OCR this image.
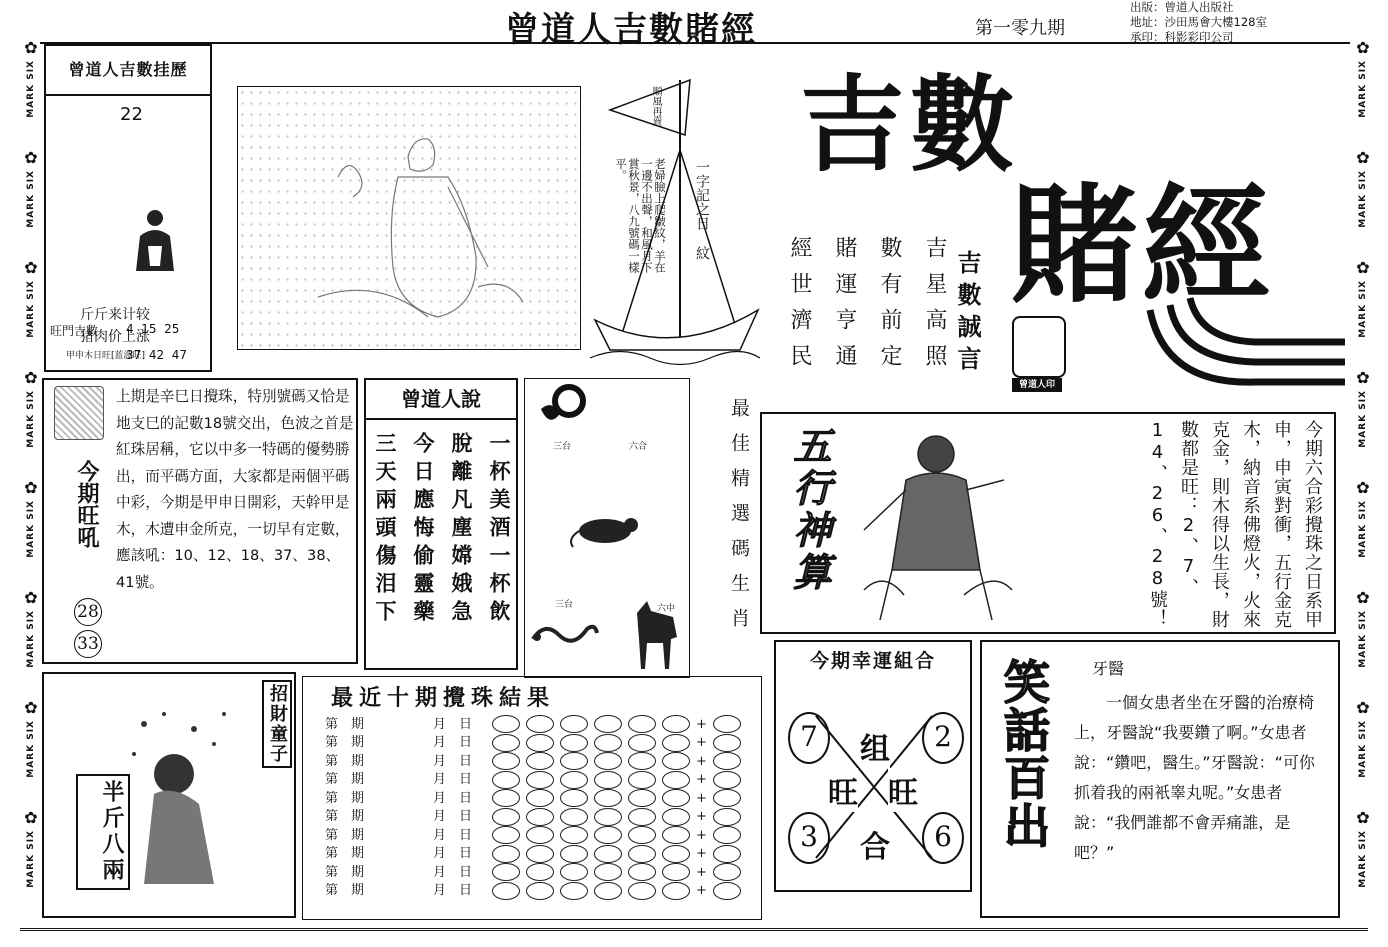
曾道人吉數賭經	第一零九期
出版：曾道人出版社
地址：沙田馬會大樓128室
承印：科影彩印公司
✿
MARK SIX
✿
MARK SIX
✿
MARK SIX
✿
MARK SIX
✿
MARK SIX
✿
MARK SIX
✿
MARK SIX
✿
MARK SIX
✿
MARK SIX
✿
MARK SIX
✿
MARK SIX
✿
MARK SIX
✿
MARK SIX
✿
MARK SIX
✿
MARK SIX
✿
MARK SIX
曾道人吉數挂歷
22
斤斤来计较
猪肉价上涨
甲申木日旺[蓝波旺]
旺門吉數 4  15  25
37  42  47
順風再賣
一字記之日 紋
老婦臉上爬皺紋，羊在一邊不出聲，和風月下賞秋景，八九號碼一樣平。	吉數
賭經
曾道人印
吉星高照
數有前定
賭運亨通
經世濟民	吉數誠言
今期旺吼
28
33
上期是辛巳日攪珠，特別號碼又恰是地支巳的記數18號交出，色波之首是紅珠居稱，它以中多一特碼的優勢勝出，而平碼方面，大家都是兩個平碼中彩，今期是甲申日開彩，天幹甲是木，木遭申金所克，一切早有定數，應該吼：10、12、18、37、38、41號。
曾道人說
一杯美酒一杯飲
脫離凡塵嫦娥急
今日應悔偷靈藥
三天兩頭傷泪下	三台	六合
三台	六中	最佳精選碼生肖 五行神算	今期六合彩攪珠之日系甲申，申寅對衝，五行金克木，納音系佛燈火，火來克金，則木得以生長，財數都是旺：2、7、14、26、28號！
半斤八兩
招財童子 最近十期攪珠結果
第 期	月 日	+
第 期	月 日	+
第 期	月 日	+
第 期	月 日	+
第 期	月 日	+
第 期	月 日	+
第 期	月 日	+
第 期	月 日	+
第 期	月 日	+
第 期	月 日	+
今期幸運組合
7	2
3	6
组
旺 旺
合 笑話百出	牙醫
一個女患者坐在牙醫的治療椅上，牙醫說“我要鑽了啊。”女患者說：“鑽吧，醫生。”牙醫說：“可你抓着我的兩衹睾丸呢。”女患者說：“我們誰都不會弄痛誰，是吧？”
